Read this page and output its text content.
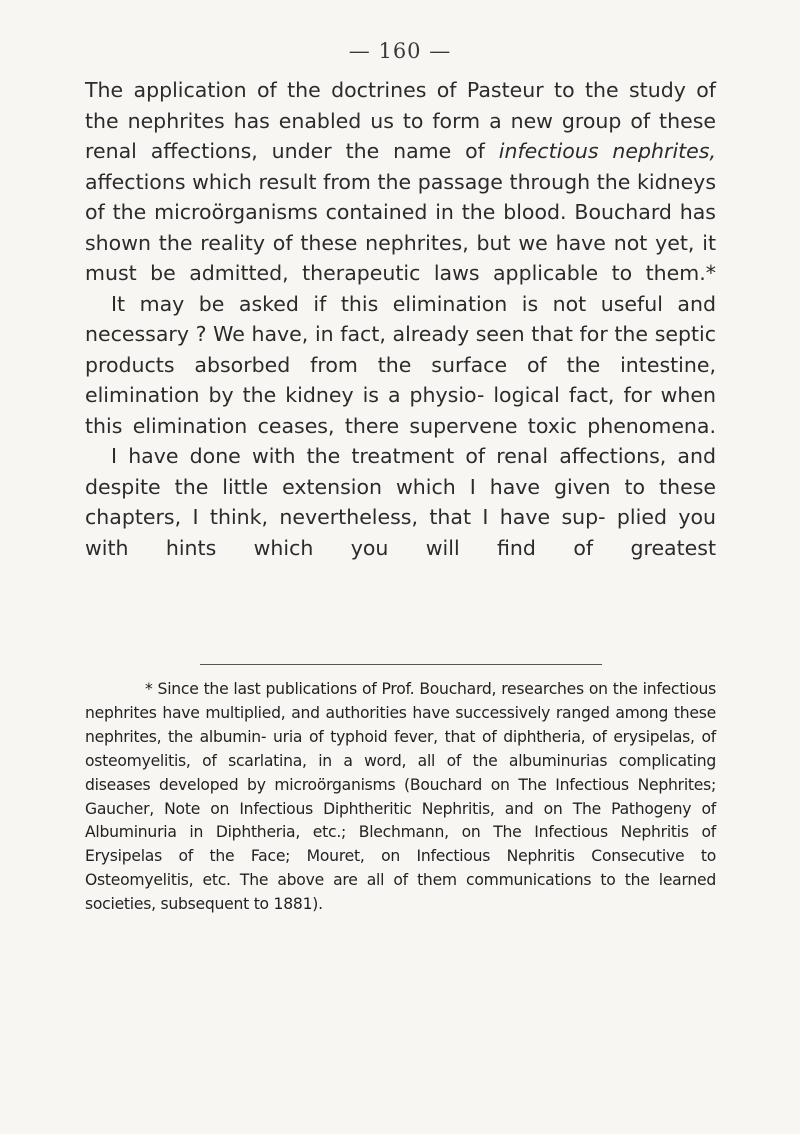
— 160 —

The application of the doctrines of Pasteur to the study of the nephrites has enabled us to form a new group of these renal affections, under the name of infectious nephrites, affections which result from the passage through the kidneys of the microörganisms contained in the blood. Bouchard has shown the reality of these nephrites, but we have not yet, it must be admitted, therapeutic laws applicable to them.*

It may be asked if this elimination is not useful and necessary ? We have, in fact, already seen that for the septic products absorbed from the surface of the intestine, elimination by the kidney is a physio- logical fact, for when this elimination ceases, there supervene toxic phenomena.

I have done with the treatment of renal affections, and despite the little extension which I have given to these chapters, I think, nevertheless, that I have sup- plied you with hints which you will find of greatest

* Since the last publications of Prof. Bouchard, researches on the infectious nephrites have multiplied, and authorities have successively ranged among these nephrites, the albumin- uria of typhoid fever, that of diphtheria, of erysipelas, of osteomyelitis, of scarlatina, in a word, all of the albuminurias complicating diseases developed by microörganisms (Bouchard on The Infectious Nephrites; Gaucher, Note on Infectious Diphtheritic Nephritis, and on The Pathogeny of Albuminuria in Diphtheria, etc.; Blechmann, on The Infectious Nephritis of Erysipelas of the Face; Mouret, on Infectious Nephritis Consecutive to Osteomyelitis, etc. The above are all of them communications to the learned societies, subsequent to 1881).
